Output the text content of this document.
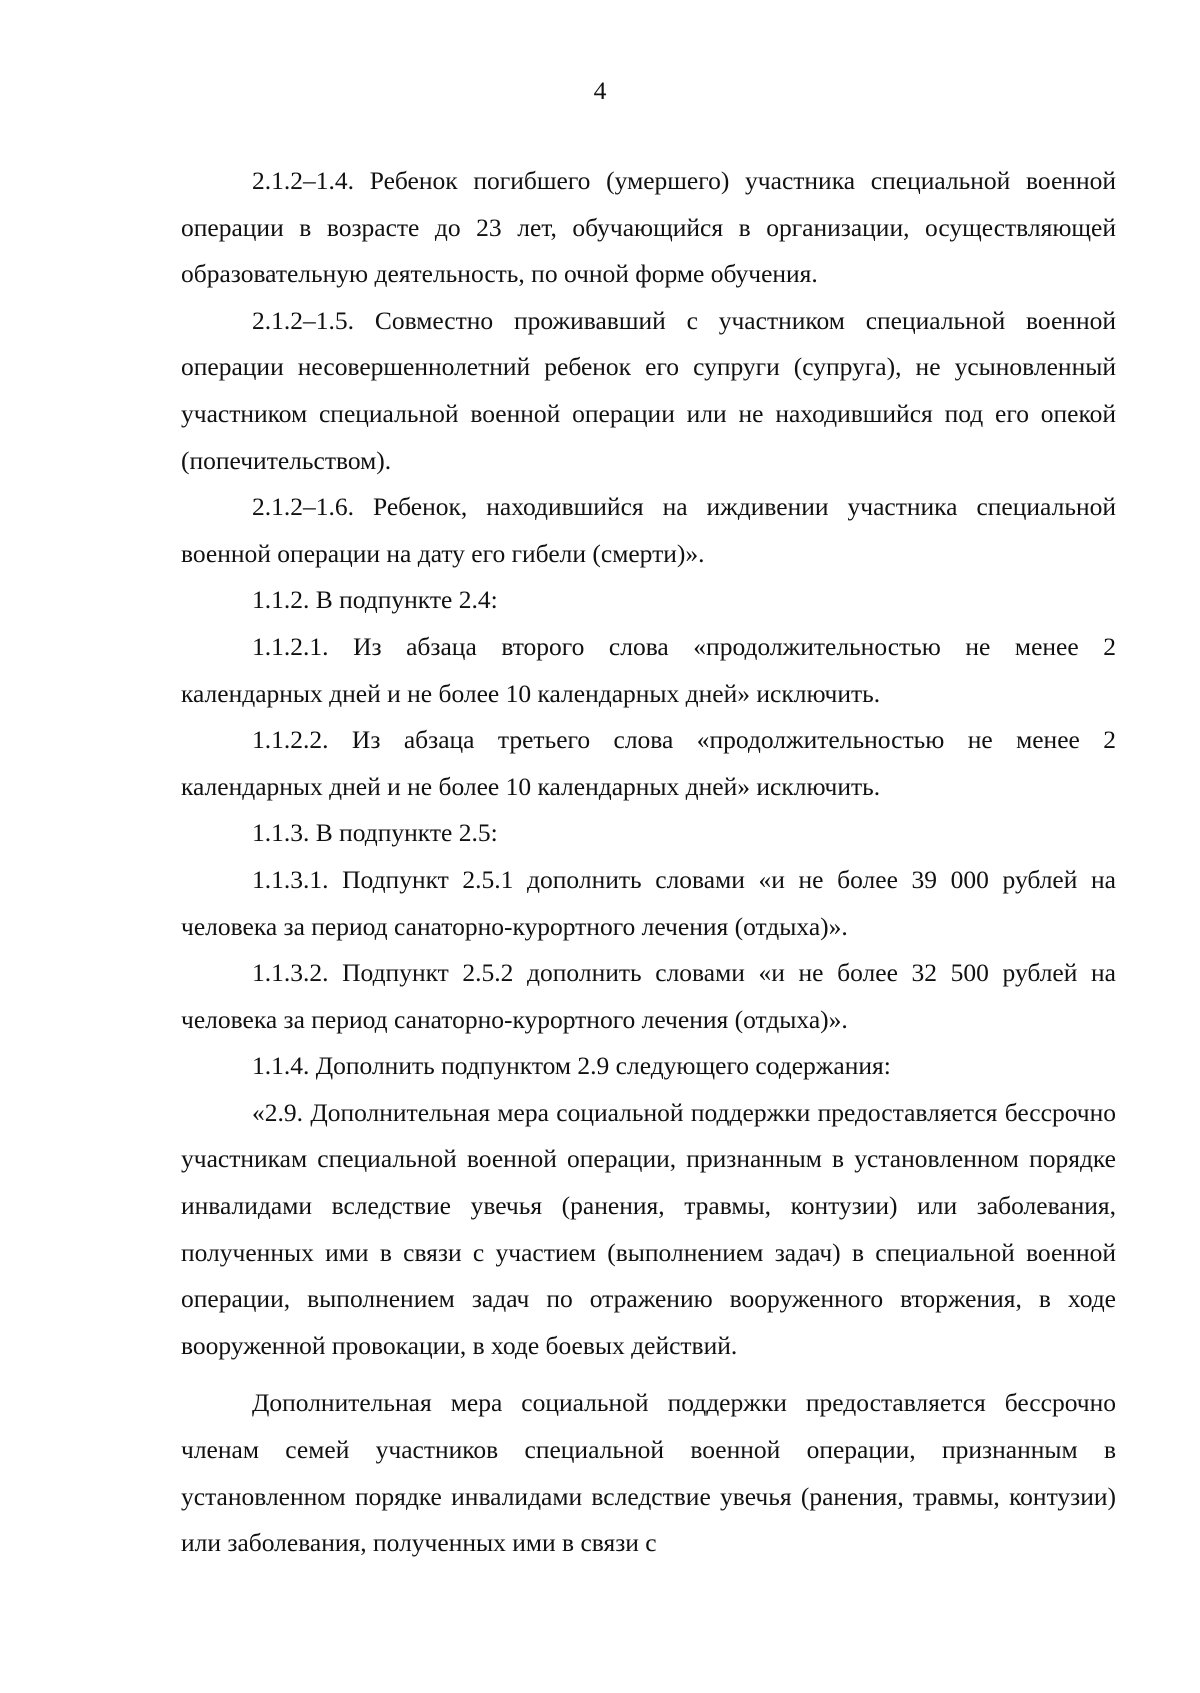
4

2.1.2–1.4. Ребенок погибшего (умершего) участника специальной военной операции в возрасте до 23 лет, обучающийся в организации, осуществляющей образовательную деятельность, по очной форме обучения.

2.1.2–1.5. Совместно проживавший с участником специальной военной операции несовершеннолетний ребенок его супруги (супруга), не усыновленный участником специальной военной операции или не находившийся под его опекой (попечительством).

2.1.2–1.6. Ребенок, находившийся на иждивении участника специальной военной операции на дату его гибели (смерти)».

1.1.2. В подпункте 2.4:

1.1.2.1. Из абзаца второго слова «продолжительностью не менее 2 календарных дней и не более 10 календарных дней» исключить.

1.1.2.2. Из абзаца третьего слова «продолжительностью не менее 2 календарных дней и не более 10 календарных дней» исключить.

1.1.3. В подпункте 2.5:

1.1.3.1. Подпункт 2.5.1 дополнить словами «и не более 39 000 рублей на человека за период санаторно-курортного лечения (отдыха)».

1.1.3.2. Подпункт 2.5.2 дополнить словами «и не более 32 500 рублей на человека за период санаторно-курортного лечения (отдыха)».

1.1.4. Дополнить подпунктом 2.9 следующего содержания:

«2.9. Дополнительная мера социальной поддержки предоставляется бессрочно участникам специальной военной операции, признанным в установленном порядке инвалидами вследствие увечья (ранения, травмы, контузии) или заболевания, полученных ими в связи с участием (выполнением задач) в специальной военной операции, выполнением задач по отражению вооруженного вторжения, в ходе вооруженной провокации, в ходе боевых действий.

Дополнительная мера социальной поддержки предоставляется бессрочно членам семей участников специальной военной операции, признанным в установленном порядке инвалидами вследствие увечья (ранения, травмы, контузии) или заболевания, полученных ими в связи с
